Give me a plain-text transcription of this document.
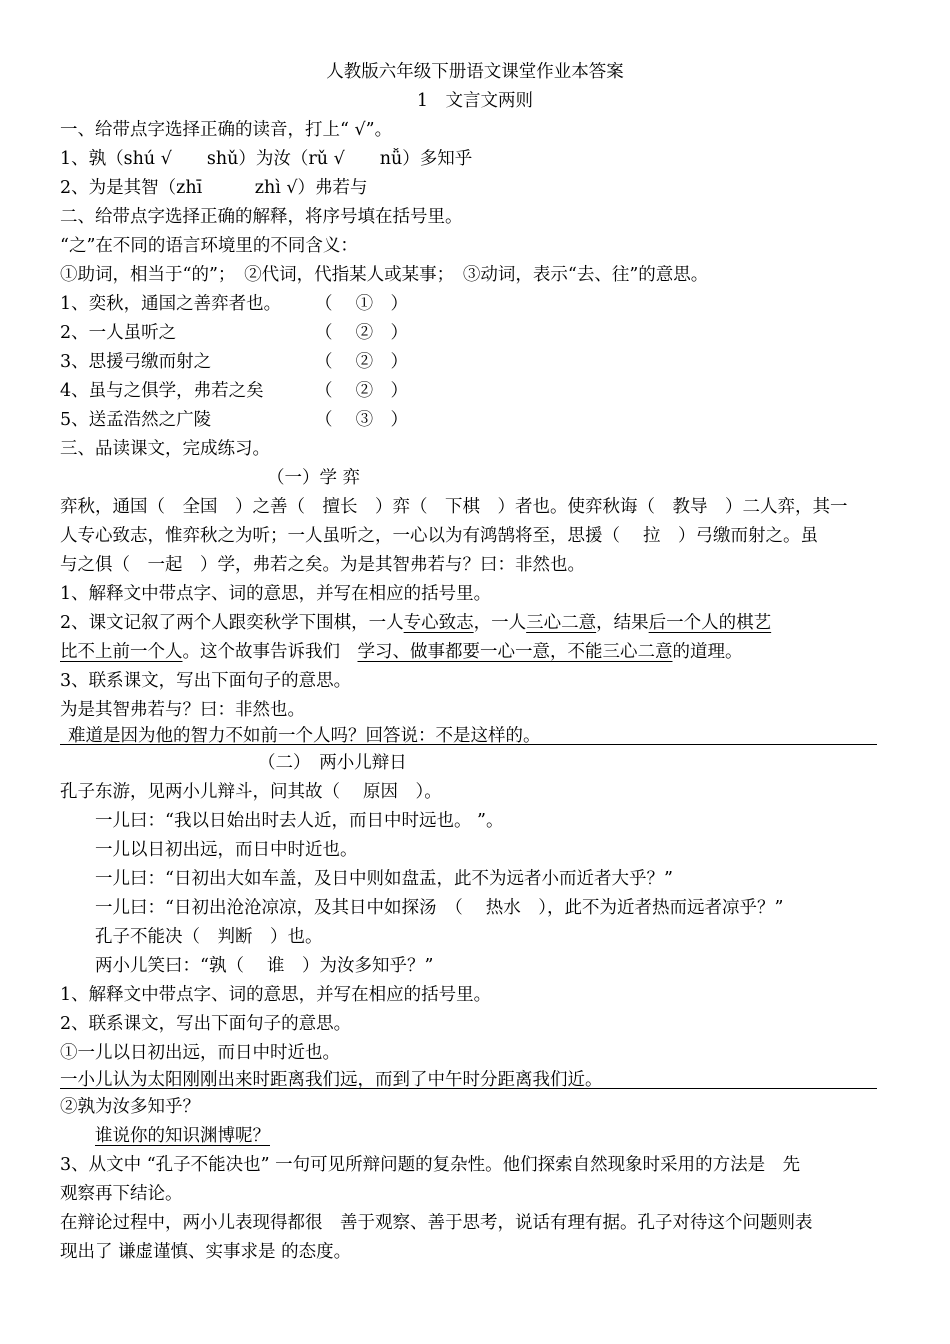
人教版六年级下册语文课堂作业本答案
1　文言文两则
一、给带点字选择正确的读音，打上“ √”。
1、孰（shú √　　shǔ）为汝（rǔ √　　nǚ）多知乎
2、为是其智（zhī　　　zhì √）弗若与
二、给带点字选择正确的解释，将序号填在括号里。
“之”在不同的语言环境里的不同含义：
①助词，相当于“的”；　②代词，代指某人或某事；　③动词，表示“去、往”的意思。
1、奕秋，通国之善弈者也。	（　 ①　）
2、一人虽听之	（　 ②　）
3、思援弓缴而射之	（　 ②　）
4、虽与之俱学，弗若之矣	（　 ②　）
5、送孟浩然之广陵	（　 ③　）
三、品读课文，完成练习。
（一）学 弈
弈秋，通国（　全国　）之善（　擅长　）弈（　下棋　）者也。使弈秋诲（　教导　）二人弈，其一
人专心致志，惟弈秋之为听；一人虽听之，一心以为有鸿鹄将至，思援（　 拉　）弓缴而射之。虽
与之俱（　一起　）学，弗若之矣。为是其智弗若与？曰：非然也。
1、解释文中带点字、词的意思，并写在相应的括号里。
2、课文记叙了两个人跟奕秋学下围棋，一人专心致志，一人三心二意，结果后一个人的棋艺
比不上前一个人。这个故事告诉我们　 学习、做事都要一心一意，不能三心二意的道理。
3、联系课文，写出下面句子的意思。
为是其智弗若与？曰：非然也。
难道是因为他的智力不如前一个人吗？回答说：不是这样的。
（二）　两小儿辩日
孔子东游，见两小儿辩斗，问其故（　 原因　）。
一儿曰：“我以日始出时去人近，而日中时远也。 ”。
一儿以日初出远，而日中时近也。
一儿曰：“日初出大如车盖，及日中则如盘盂，此不为远者小而近者大乎？”
一儿曰：“日初出沧沧凉凉，及其日中如探汤　（　 热水　），此不为近者热而远者凉乎？”
孔子不能决（　判断　）也。
两小儿笑曰：“孰（　 谁　）为汝多知乎？”
1、解释文中带点字、词的意思，并写在相应的括号里。
2、联系课文，写出下面句子的意思。
①一儿以日初出远，而日中时近也。
一小儿认为太阳刚刚出来时距离我们远，而到了中午时分距离我们近。
②孰为汝多知乎？
谁说你的知识渊博呢？
3、从文中 “孔子不能决也” 一句可见所辩问题的复杂性。他们探索自然现象时采用的方法是　先
观察再下结论。
在辩论过程中，两小儿表现得都很　善于观察、善于思考，说话有理有据。孔子对待这个问题则表
现出了 谦虚谨慎、实事求是 的态度。
